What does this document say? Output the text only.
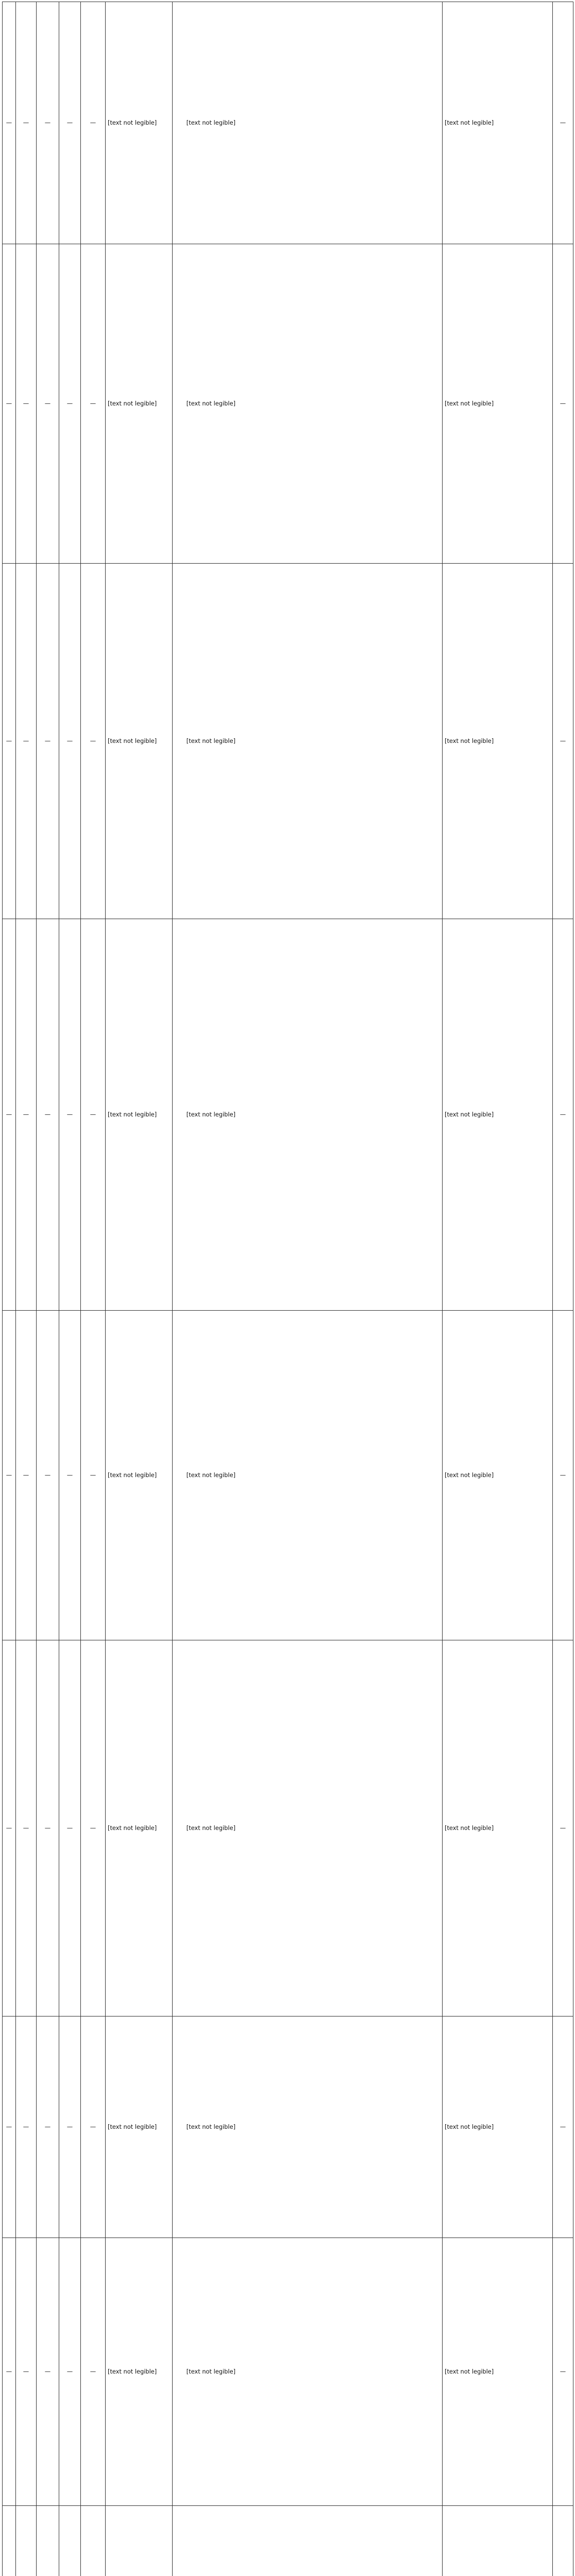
—	—	—	—	—	[text not legible]	[text not legible]	[text not legible]	—
—	—	—	—	—	[text not legible]	[text not legible]	[text not legible]	—
—	—	—	—	—	[text not legible]	[text not legible]	[text not legible]	—
—	—	—	—	—	[text not legible]	[text not legible]	[text not legible]	—
—	—	—	—	—	[text not legible]	[text not legible]	[text not legible]	—
—	—	—	—	—	[text not legible]	[text not legible]	[text not legible]	—
—	—	—	—	—	[text not legible]	[text not legible]	[text not legible]	—
—	—	—	—	—	[text not legible]	[text not legible]	[text not legible]	—
